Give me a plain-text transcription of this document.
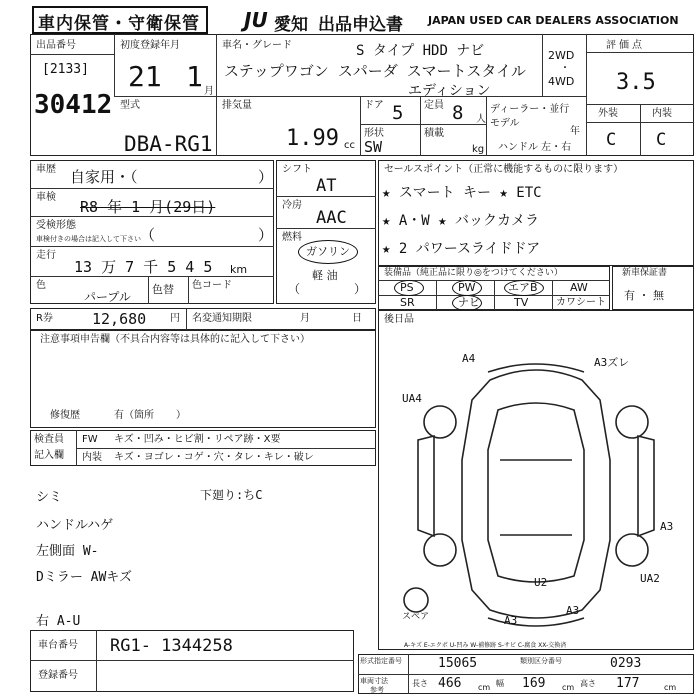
車内保管・守衛保管 JU 愛知 出品申込書 JAPAN USED CAR DEALERS ASSOCIATION
出品番号
[2133]
30412
初度登録年月
21 1 月
車名・グレード	S タイプ HDD ナビ
ステップワゴン スパーダ スマートスタイル
エディション
2WD
・
4WD
評価点
3.5
外装	内装
C C
型式
DBA-RG1
排気量
1.99 cc
ドア 5 定員 8 人
形状
SW
積載
kg
ディーラー・並行
モデル
年
ハンドル 左・右
車歴 自家用・（	）
車検
R8 年 1 月(29日)
受検形態
車検付きの場合は記入して下さい （	）
走行
13 万 7 千 5 4 5 km
色
パープル
色替 色コード
シフト
AT
冷房
AAC
燃料
ガソリン
軽 油
（	）
セールスポイント（正常に機能するものに限ります）
★ スマート キー ★ ETC
★ A・W ★ バックカメラ
★ 2 パワースライドドア
装備品（純正品に限り◎をつけてください）
PS	PW	エアB	AW
SR	ナビ	TV	カワシート
新車保証書
有 ・ 無
R券	12,680 円 名変通知期限	月	日
注意事項申告欄（不具合内容等は具体的に記入して下さい）
修復歴	有（箇所 ）
検査員
記入欄
FW キズ・凹み・ヒビ割・リペア跡・X要
内装 キズ・ヨゴレ・コゲ・穴・タレ・キレ・破レ
シミ	下廻り:ちC
ハンドルハゲ
左側面 W-
Dミラー AWキズ
右 A-U
後日品
A4	A3ズレ
UA4
A3
U2	UA2
A3
A3
スペア
A-キズ E-エクボ U-凹み W-補修跡 S-サビ C-腐食 XX-交換済
車台番号 RG1- 1344258
登録番号
形式指定番号	15065	類別区分番号	0293
車両寸法
参考
長さ 466 cm 幅 169 cm 高さ 177	cm
